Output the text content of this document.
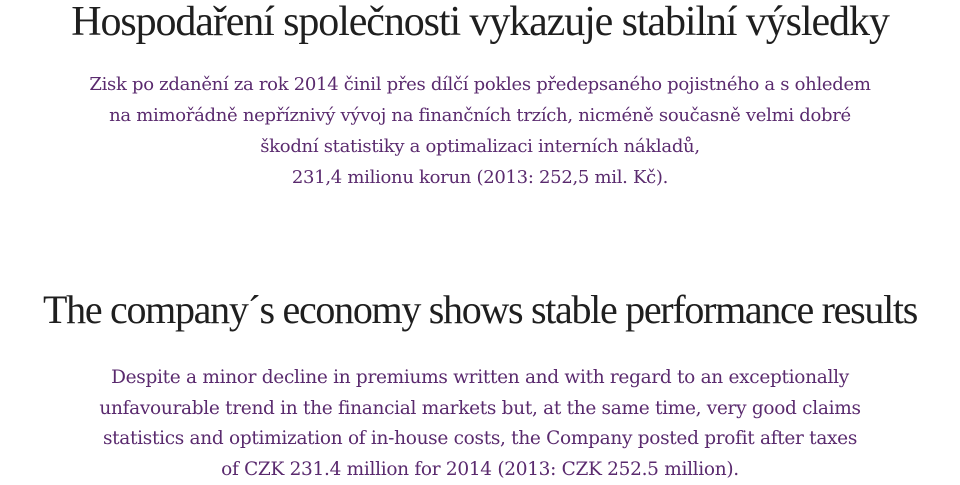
Hospodaření společnosti vykazuje stabilní výsledky

Zisk po zdanění za rok 2014 činil přes dílčí pokles předepsaného pojistného a s ohledem
na mimořádně nepříznivý vývoj na finančních trzích, nicméně současně velmi dobré
škodní statistiky a optimalizaci interních nákladů,
231,4 milionu korun (2013: 252,5 mil. Kč).

The company´s economy shows stable performance results

Despite a minor decline in premiums written and with regard to an exceptionally
unfavourable trend in the financial markets but, at the same time, very good claims
statistics and optimization of in-house costs, the Company posted profit after taxes
of CZK 231.4 million for 2014 (2013: CZK 252.5 million).
